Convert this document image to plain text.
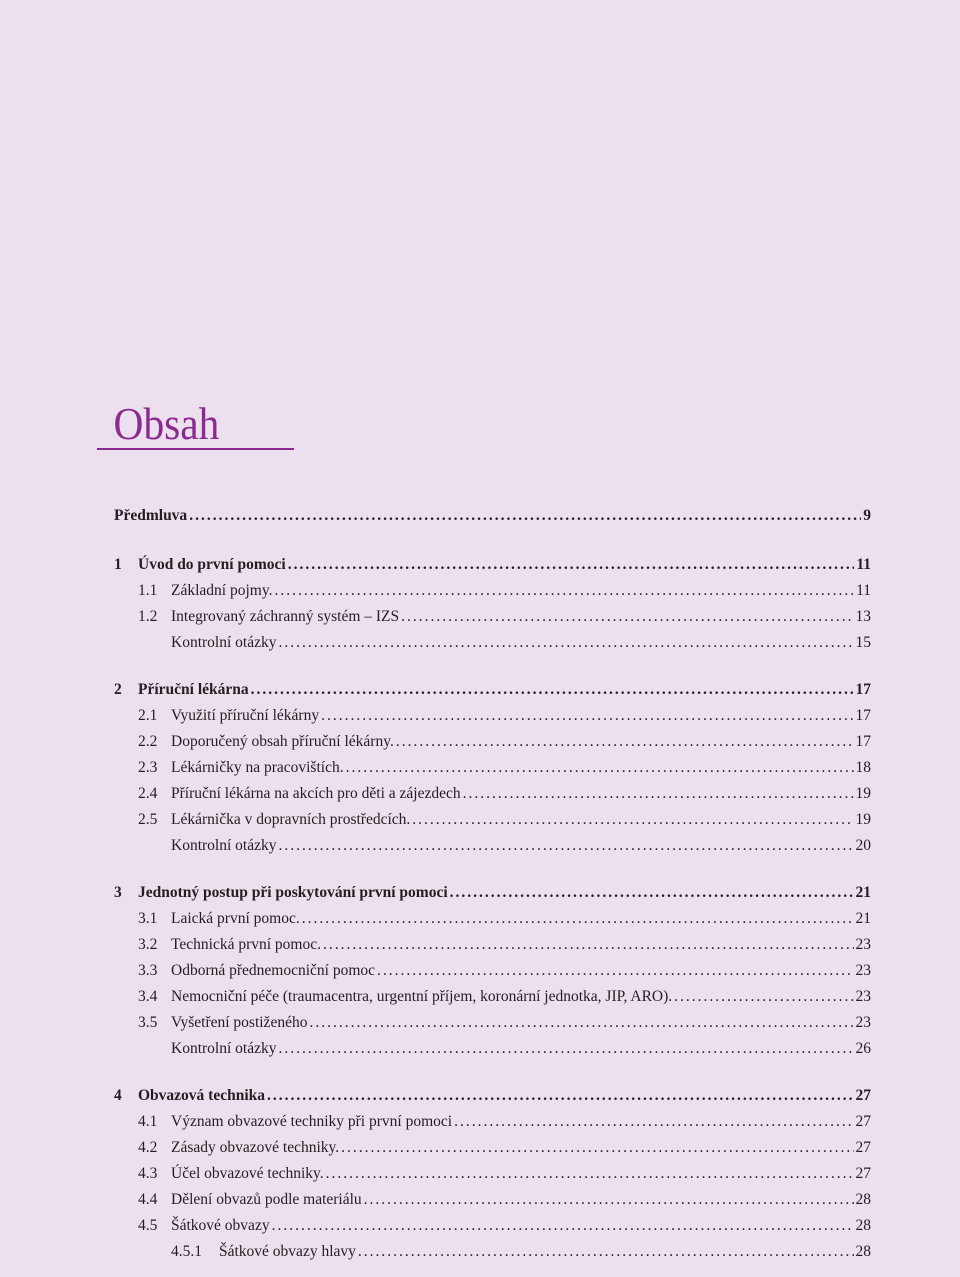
Obsah
Předmluva .....	9
1	Úvod do první pomoci .....	11
1.1 Základní pojmy. .....	11
1.2 Integrovaný záchranný systém – IZS .....	13
Kontrolní otázky .....	15
2	Příruční lékárna .....	17
2.1 Využití příruční lékárny .....	17
2.2 Doporučený obsah příruční lékárny. .....	17
2.3 Lékárničky na pracovištích. .....	18
2.4 Příruční lékárna na akcích pro děti a zájezdech .....	19
2.5 Lékárnička v dopravních prostředcích. .....	19
Kontrolní otázky .....	20
3	Jednotný postup při poskytování první pomoci .....	21
3.1 Laická první pomoc. .....	21
3.2 Technická první pomoc. .....	23
3.3 Odborná přednemocniční pomoc .....	23
3.4 Nemocniční péče (traumacentra, urgentní příjem, koronární jednotka, JIP, ARO). .....	23
3.5 Vyšetření postiženého .....	23
Kontrolní otázky .....	26
4	Obvazová technika .....	27
4.1 Význam obvazové techniky při první pomoci .....	27
4.2 Zásady obvazové techniky. .....	27
4.3 Účel obvazové techniky. .....	27
4.4 Dělení obvazů podle materiálu .....	28
4.5 Šátkové obvazy .....	28
4.5.1	Šátkové obvazy hlavy .....	28
